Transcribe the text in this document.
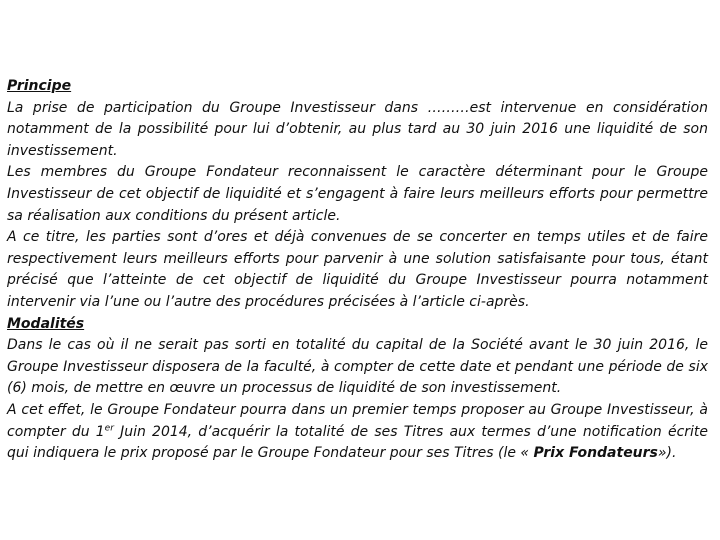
Principe

La prise de participation du Groupe Investisseur dans ………est intervenue en considération notamment de la possibilité pour lui d’obtenir, au plus tard au 30 juin 2016 une liquidité de son investissement.

Les membres du Groupe Fondateur reconnaissent le caractère déterminant pour le Groupe Investisseur de cet objectif de liquidité et s’engagent à faire leurs meilleurs efforts pour permettre sa réalisation aux conditions du présent article.

A ce titre, les parties sont d’ores et déjà convenues de se concerter en temps utiles et de faire respectivement leurs meilleurs efforts pour parvenir à une solution satisfaisante pour tous, étant précisé que l’atteinte de cet objectif de liquidité du Groupe Investisseur pourra notamment intervenir via l’une ou l’autre des procédures précisées à l’article ci-après.

Modalités

Dans le cas où il ne serait pas sorti en totalité du capital de la Société avant le 30 juin 2016, le Groupe Investisseur disposera de la faculté, à compter de cette date et pendant une période de six (6) mois, de mettre en œuvre un processus de liquidité de son investissement.

A cet effet, le Groupe Fondateur pourra dans un premier temps proposer au Groupe Investisseur, à compter du 1er Juin 2014, d’acquérir la totalité de ses Titres aux termes d’une notification écrite qui indiquera le prix proposé par le Groupe Fondateur pour ses Titres (le « Prix Fondateurs»).
